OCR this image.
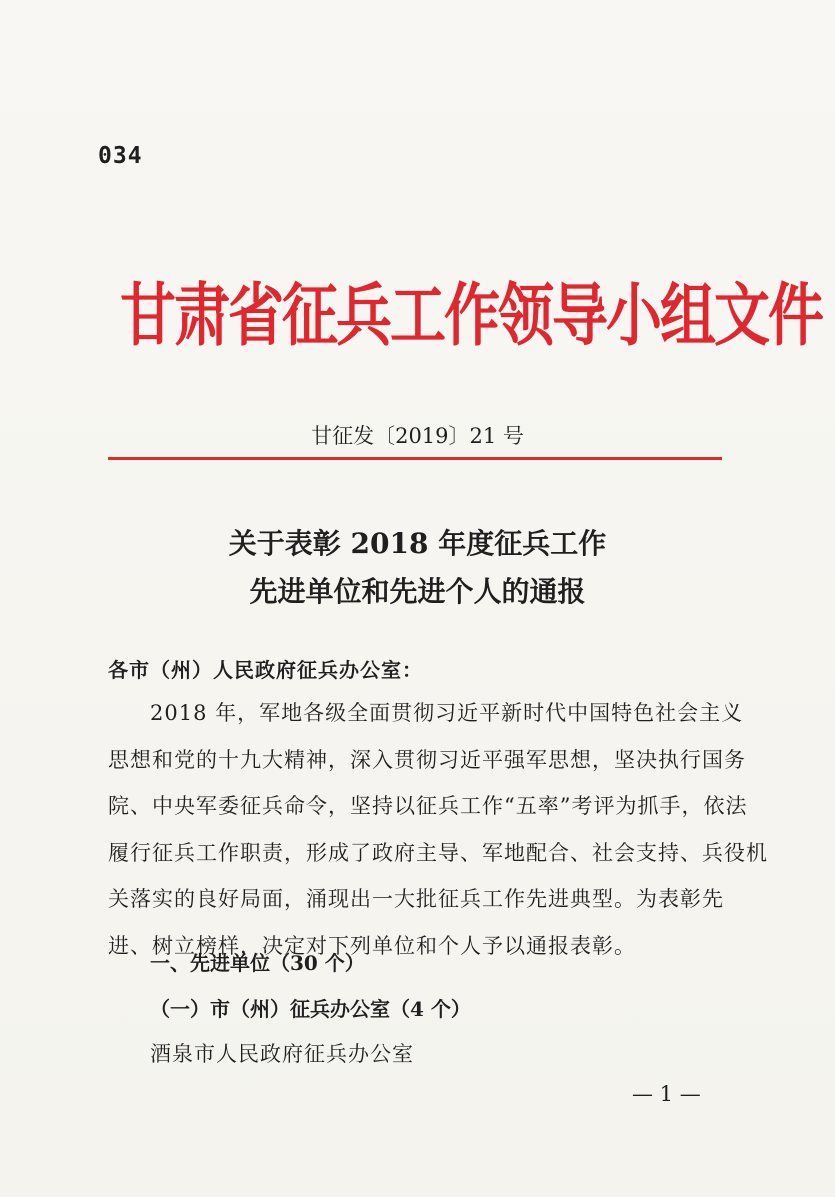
034
甘肃省征兵工作领导小组文件
甘征发〔2019〕21 号
关于表彰 2018 年度征兵工作
先进单位和先进个人的通报
各市（州）人民政府征兵办公室：

2018 年，军地各级全面贯彻习近平新时代中国特色社会主义
思想和党的十九大精神，深入贯彻习近平强军思想，坚决执行国务
院、中央军委征兵命令，坚持以征兵工作“五率”考评为抓手，依法
履行征兵工作职责，形成了政府主导、军地配合、社会支持、兵役机
关落实的良好局面，涌现出一大批征兵工作先进典型。为表彰先
进、树立榜样，决定对下列单位和个人予以通报表彰。

一、先进单位（30 个）
（一）市（州）征兵办公室（4 个）
酒泉市人民政府征兵办公室
— 1 —
